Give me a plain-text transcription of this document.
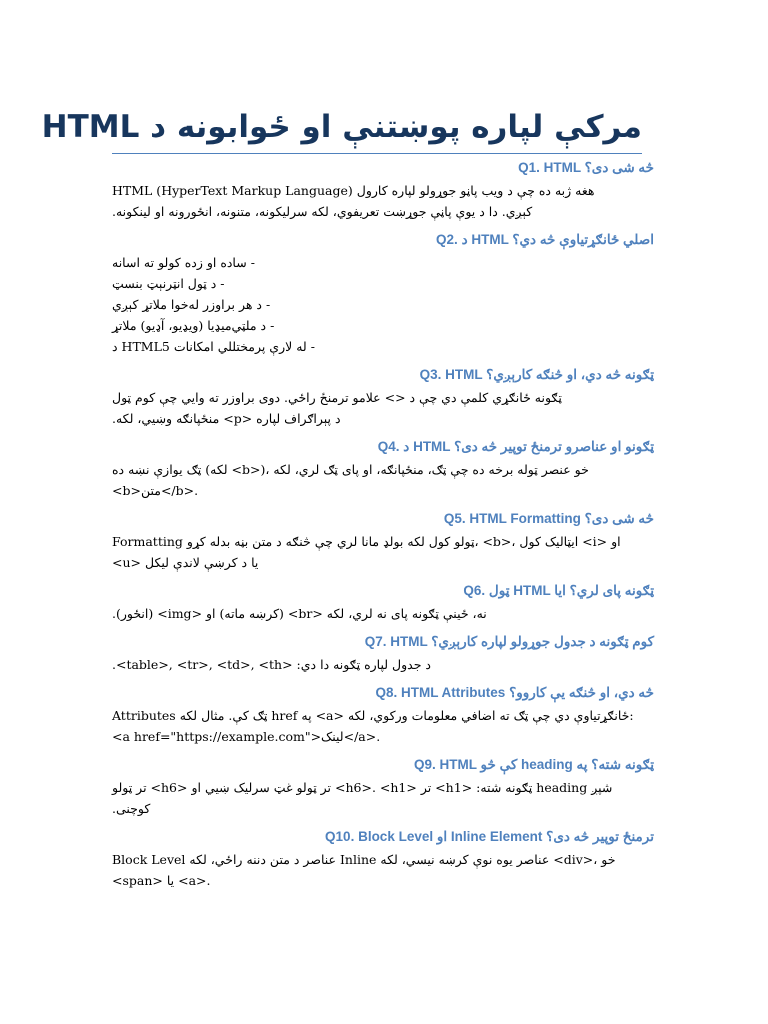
مرکې لپاره پوښتنې او ځوابونه د HTML
Q1. HTML څه شی دی؟

HTML (HyperText Markup Language) هغه ژبه ده چې د ویب پاڼو جوړولو لپاره کارول

کېږي. دا د یوې پاڼې جوړښت تعریفوي، لکه سرلیکونه، متنونه، انځورونه او لینکونه.

Q2. د HTML اصلي ځانګړتیاوې څه دي؟
- ساده او زده کولو ته اسانه
- د ټول انټرنېټ بنسټ
- د هر براوزر له‌خوا ملاتړ کېږي
- د ملټي‌میډیا (ویډیو، آډیو) ملاتړ
- له لارې پرمختللي امکانات HTML5 د
Q3. HTML ټګونه څه دي، او څنګه کارېږي؟

ټګونه ځانګړي کلمې دي چې د <> علامو ترمنځ راځي. دوی براوزر ته وایي چې کوم ټول

د پېراګراف لپاره <p> منځپانګه وښیي، لکه.

Q4. د HTML ټګونو او عناصرو ترمنځ توپیر څه دی؟

خو عنصر ټوله برخه ده چې ټګ، منځپانګه، او پای ټګ لري، لکه ،(<b> لکه) ټګ یوازې نښه ده

<b>متن</b>.

Q5. HTML Formatting څه شی دی؟

Formatting ټولو کول لکه بولډ مانا لري چې څنګه د متن بڼه بدله کړو، <b>، ایټالیک کول <i> او

<u> یا د کرښې لاندې لیکل

Q6. ټول HTML ټګونه پای لري؟ ایا

نه، ځینې ټګونه پای نه لري، لکه <br> (کرښه ماته) او <img> (انځور).

Q7. HTML کوم ټګونه د جدول جوړولو لپاره کارېږي؟

د جدول لپاره ټګونه دا دي: <table>, <tr>, <td>, <th>.

Q8. HTML Attributes څه دي، او څنګه یې کاروو؟

Attributes ټګ کې. مثال لکه href په <a> ځانګړتیاوې دي چې ټګ ته اضافي معلومات ورکوي، لکه:

<a href="https://example.com">لینک</a>.

Q9. HTML کې څو heading ټګونه شته؟ په

شپږ heading ټګونه شته: <h1> تر <h6>. <h1> تر ټولو غټ سرلیک ښیي او <h6> تر ټولو

کوچنی.

Q10. Block Level او Inline Element ترمنځ توپیر څه دی؟

Block Level عناصر د متن دننه راځي، لکه Inline عناصر یوه نوې کرښه نیسي، لکه <div>، خو

<span> یا <a>.
